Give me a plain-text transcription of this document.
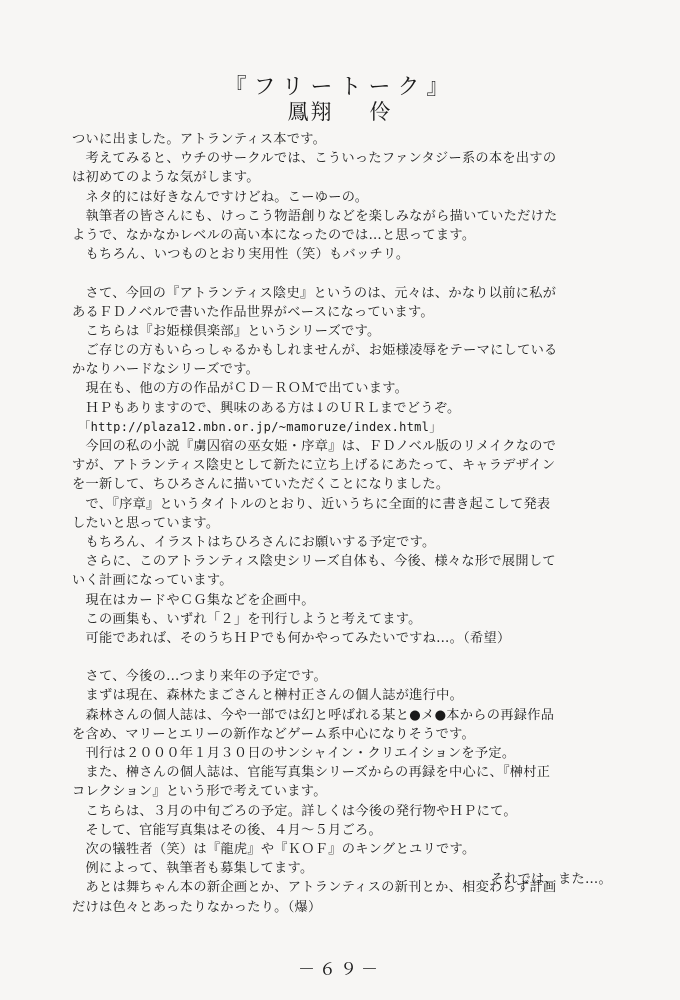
『フリートーク』
鳳翔 伶
ついに出ました。アトランティス本です。
　考えてみると、ウチのサークルでは、こういったファンタジー系の本を出すの
は初めてのような気がします。
　ネタ的には好きなんですけどね。こーゆーの。
　執筆者の皆さんにも、けっこう物語創りなどを楽しみながら描いていただけた
ようで、なかなかレベルの高い本になったのでは…と思ってます。
　もちろん、いつものとおり実用性（笑）もバッチリ。
　さて、今回の『アトランティス陰史』というのは、元々は、かなり以前に私が
あるＦＤノベルで書いた作品世界がベースになっています。
　こちらは『お姫様倶楽部』というシリーズです。
　ご存じの方もいらっしゃるかもしれませんが、お姫様凌辱をテーマにしている
かなりハードなシリーズです。
　現在も、他の方の作品がＣＤ－ＲＯＭで出ています。
　ＨＰもありますので、興味のある方は↓のＵＲＬまでどうぞ。
　「http://plaza12.mbn.or.jp/~mamoruze/index.html」
　今回の私の小説『虜囚宿の巫女姫・序章』は、ＦＤノベル版のリメイクなので
すが、アトランティス陰史として新たに立ち上げるにあたって、キャラデザイン
を一新して、ちひろさんに描いていただくことになりました。
　で、『序章』というタイトルのとおり、近いうちに全面的に書き起こして発表
したいと思っています。
　もちろん、イラストはちひろさんにお願いする予定です。
　さらに、このアトランティス陰史シリーズ自体も、今後、様々な形で展開して
いく計画になっています。
　現在はカードやＣＧ集などを企画中。
　この画集も、いずれ「２」を刊行しようと考えてます。
　可能であれば、そのうちＨＰでも何かやってみたいですね…。（希望）
　さて、今後の…つまり来年の予定です。
　まずは現在、森林たまごさんと榊村正さんの個人誌が進行中。
　森林さんの個人誌は、今や一部では幻と呼ばれる某と●メ●本からの再録作品
を含め、マリーとエリーの新作などゲーム系中心になりそうです。
　刊行は２０００年１月３０日のサンシャイン・クリエイションを予定。
　また、榊さんの個人誌は、官能写真集シリーズからの再録を中心に、『榊村正
コレクション』という形で考えています。
　こちらは、３月の中旬ごろの予定。詳しくは今後の発行物やＨＰにて。
　そして、官能写真集はその後、４月～５月ごろ。
　次の犠牲者（笑）は『龍虎』や『ＫＯＦ』のキングとユリです。
　例によって、執筆者も募集してます。
　あとは舞ちゃん本の新企画とか、アトランティスの新刊とか、相変わらず計画
だけは色々とあったりなかったり。（爆）
それでは、また…。
－６９－
